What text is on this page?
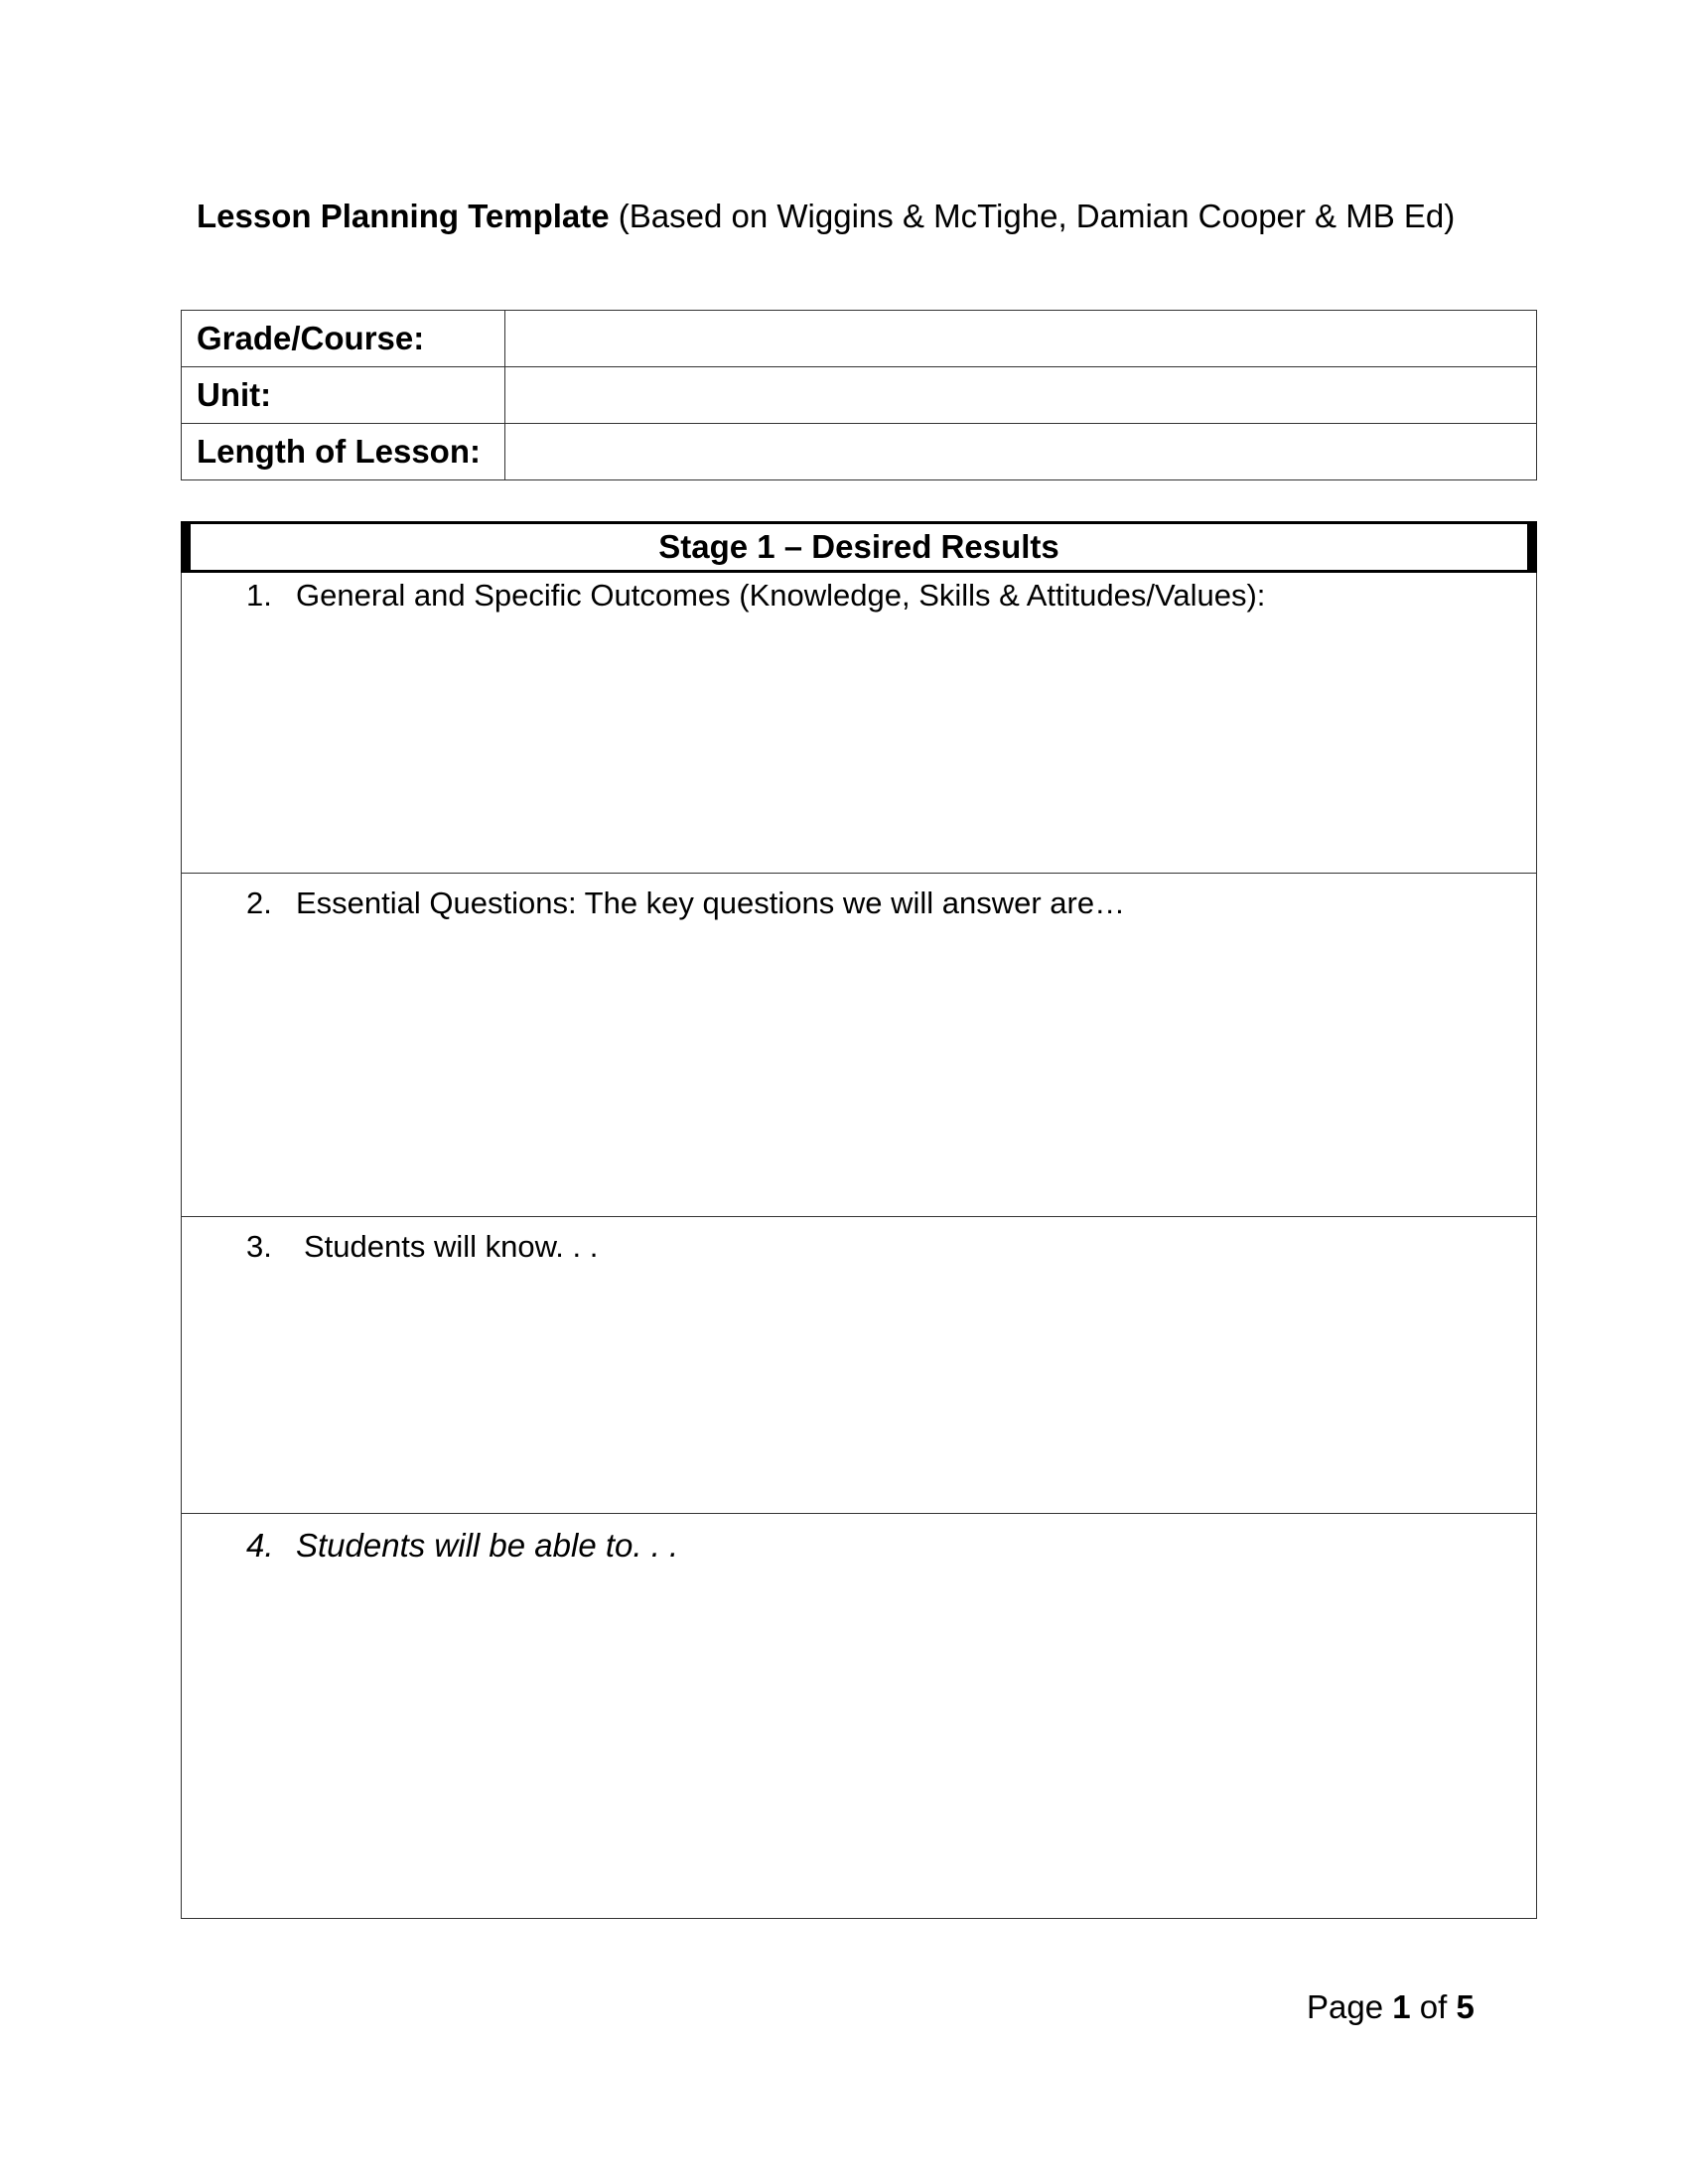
Lesson Planning Template (Based on Wiggins & McTighe, Damian Cooper & MB Ed)
Grade/Course:	
Unit:	
Length of Lesson:	
Stage 1 – Desired Results
1. General and Specific Outcomes (Knowledge, Skills & Attitudes/Values):
2. Essential Questions: The key questions we will answer are…
3. Students will know. . .
4. Students will be able to. . .
Page 1 of 5
